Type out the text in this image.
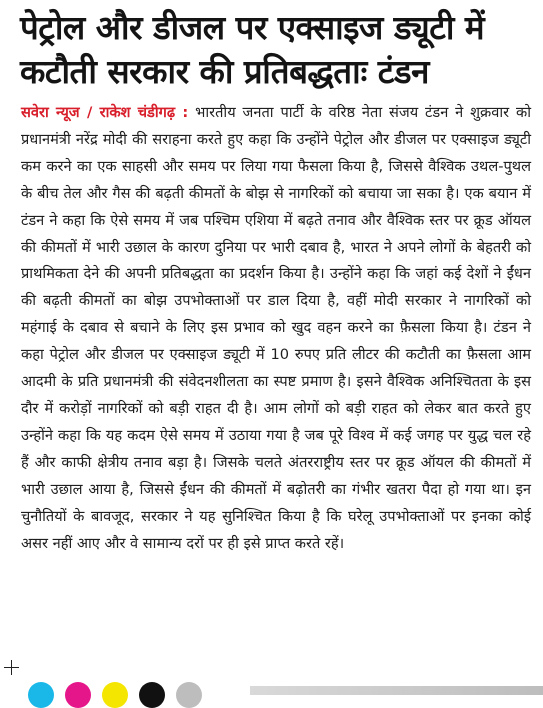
पेट्रोल और डीजल पर एक्साइज ड्यूटी में
कटौती सरकार की प्रतिबद्धताः टंडन

सवेरा न्यूज / राकेश चंडीगढ़ : भारतीय जनता पार्टी के वरिष्ठ नेता संजय टंडन ने शुक्रवार को प्रधानमंत्री नरेंद्र मोदी की सराहना करते हुए कहा कि उन्होंने पेट्रोल और डीजल पर एक्साइज ड्यूटी कम करने का एक साहसी और समय पर लिया गया फैसला किया है, जिससे वैश्विक उथल-पुथल के बीच तेल और गैस की बढ़ती कीमतों के बोझ से नागरिकों को बचाया जा सका है। एक बयान में टंडन ने कहा कि ऐसे समय में जब पश्चिम एशिया में बढ़ते तनाव और वैश्विक स्तर पर क्रूड ऑयल की कीमतों में भारी उछाल के कारण दुनिया पर भारी दबाव है, भारत ने अपने लोगों के बेहतरी को प्राथमिकता देने की अपनी प्रतिबद्धता का प्रदर्शन किया है। उन्होंने कहा कि जहां कई देशों ने ईंधन की बढ़ती कीमतों का बोझ उपभोक्ताओं पर डाल दिया है, वहीं मोदी सरकार ने नागरिकों को महंगाई के दबाव से बचाने के लिए इस प्रभाव को खुद वहन करने का फ़ैसला किया है। टंडन ने कहा पेट्रोल और डीजल पर एक्साइज ड्यूटी में 10 रुपए प्रति लीटर की कटौती का फ़ैसला आम आदमी के प्रति प्रधानमंत्री की संवेदनशीलता का स्पष्ट प्रमाण है। इसने वैश्विक अनिश्चितता के इस दौर में करोड़ों नागरिकों को बड़ी राहत दी है। आम लोगों को बड़ी राहत को लेकर बात करते हुए उन्होंने कहा कि यह कदम ऐसे समय में उठाया गया है जब पूरे विश्व में कई जगह पर युद्ध चल रहे हैं और काफी क्षेत्रीय तनाव बड़ा है। जिसके चलते अंतरराष्ट्रीय स्तर पर क्रूड ऑयल की कीमतों में भारी उछाल आया है, जिससे ईंधन की कीमतों में बढ़ोतरी का गंभीर खतरा पैदा हो गया था। इन चुनौतियों के बावजूद, सरकार ने यह सुनिश्चित किया है कि घरेलू उपभोक्ताओं पर इनका कोई असर नहीं आए और वे सामान्य दरों पर ही इसे प्राप्त करते रहें।
